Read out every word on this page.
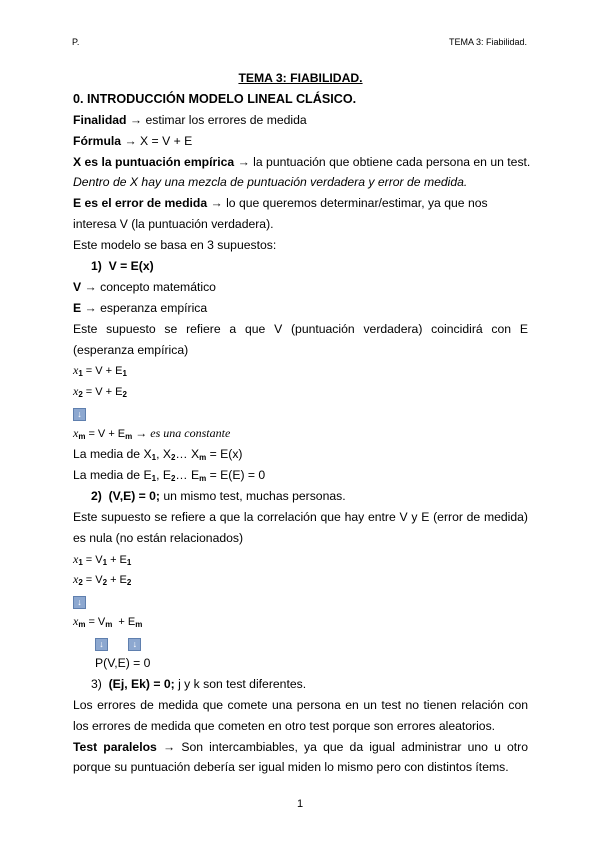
P.	TEMA 3: Fiabilidad.
TEMA 3: FIABILIDAD.
0. INTRODUCCIÓN MODELO LINEAL CLÁSICO.
Finalidad → estimar los errores de medida
Fórmula → X = V + E
X es la puntuación empírica → la puntuación que obtiene cada persona en un test.
Dentro de X hay una mezcla de puntuación verdadera y error de medida.
E es el error de medida → lo que queremos determinar/estimar, ya que nos
interesa V (la puntuación verdadera).
Este modelo se basa en 3 supuestos:
1) V = E(x)
V → concepto matemático
E → esperanza empírica
Este supuesto se refiere a que V (puntuación verdadera) coincidirá con E
(esperanza empírica)
$x_1 = V + E_1$
$x_2 = V + E_2$
↓
$x_m = V + E_m$ → es una constante
La media de $X_1$, $X_2\dots$ $X_m = E(x)$
La media de $E_1$, $E_2\dots$ $E_m = E(E) = 0$
2) (V,E) = 0; un mismo test, muchas personas.
Este supuesto se refiere a que la correlación que hay entre V y E (error de medida)
es nula (no están relacionados)
$x_1 = V_1 + E_1$
$x_2 = V_2 + E_2$
↓
$x_m = V_m + E_m$
↓	↓
P(V,E) = 0
3) (Ej, Ek) = 0; j y k son test diferentes.
Los errores de medida que comete una persona en un test no tienen relación con
los errores de medida que cometen en otro test porque son errores aleatorios.
Test paralelos → Son intercambiables, ya que da igual administrar uno u otro
porque su puntuación debería ser igual miden lo mismo pero con distintos ítems.
1
